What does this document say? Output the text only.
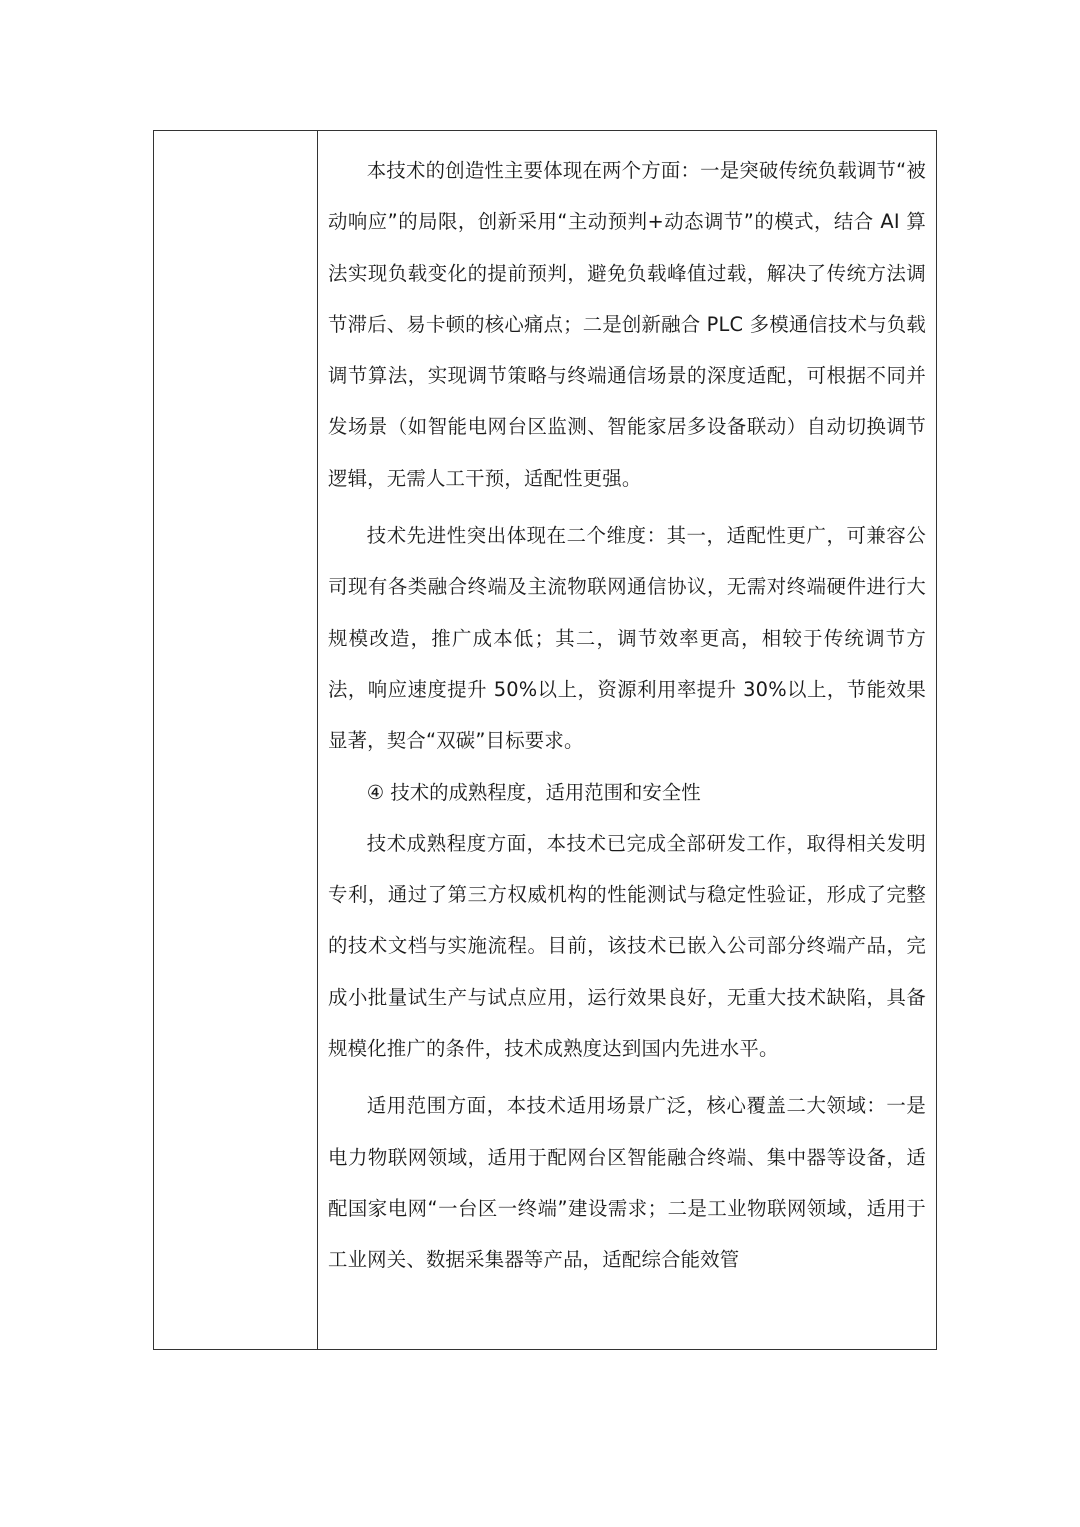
本技术的创造性主要体现在两个方面：一是突破传统负载调节“被动响应”的局限，创新采用“主动预判+动态调节”的模式，结合 AI 算法实现负载变化的提前预判，避免负载峰值过载，解决了传统方法调节滞后、易卡顿的核心痛点；二是创新融合 PLC 多模通信技术与负载调节算法，实现调节策略与终端通信场景的深度适配，可根据不同并发场景（如智能电网台区监测、智能家居多设备联动）自动切换调节逻辑，无需人工干预，适配性更强。

技术先进性突出体现在二个维度：其一，适配性更广，可兼容公司现有各类融合终端及主流物联网通信协议，无需对终端硬件进行大规模改造，推广成本低；其二，调节效率更高，相较于传统调节方法，响应速度提升 50%以上，资源利用率提升 30%以上，节能效果显著，契合“双碳”目标要求。

④ 技术的成熟程度，适用范围和安全性

技术成熟程度方面，本技术已完成全部研发工作，取得相关发明专利，通过了第三方权威机构的性能测试与稳定性验证，形成了完整的技术文档与实施流程。目前，该技术已嵌入公司部分终端产品，完成小批量试生产与试点应用，运行效果良好，无重大技术缺陷，具备规模化推广的条件，技术成熟度达到国内先进水平。

适用范围方面，本技术适用场景广泛，核心覆盖二大领域：一是电力物联网领域，适用于配网台区智能融合终端、集中器等设备，适配国家电网“一台区一终端”建设需求；二是工业物联网领域，适用于工业网关、数据采集器等产品，适配综合能效管
